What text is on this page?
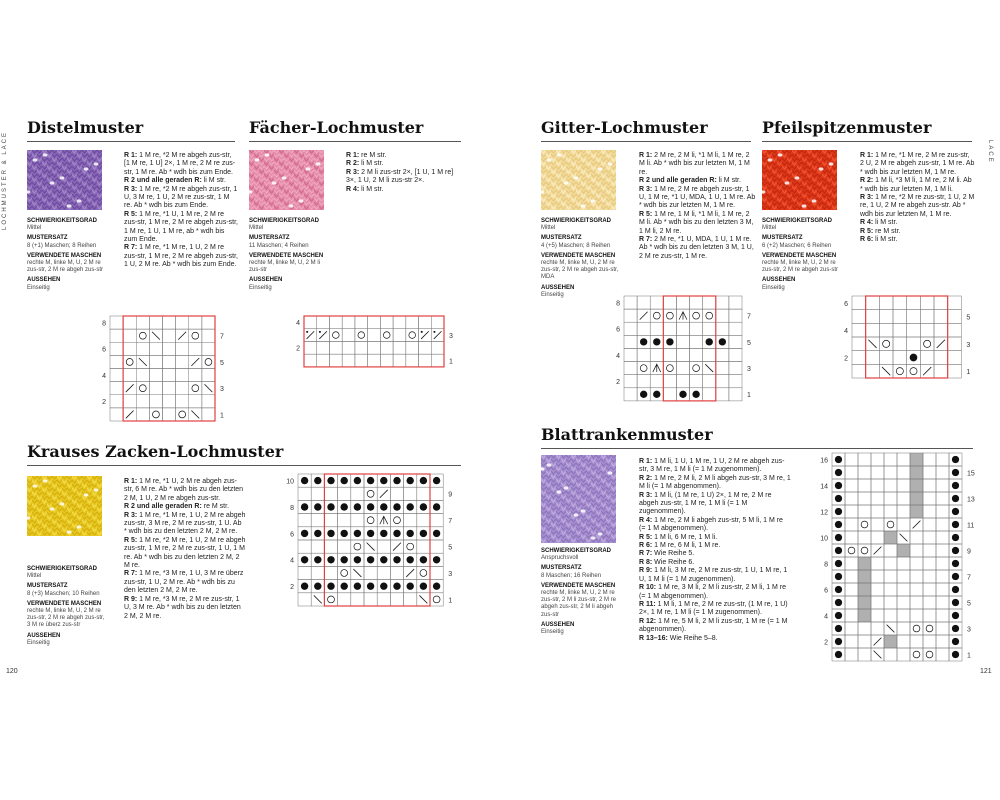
LOCHMUSTER & LACE	LACE
120	121
Distelmuster
SCHWIERIGKEITSGRAD
Mittel
MUSTERSATZ
8 (+1) Maschen; 8 Reihen
VERWENDETE MASCHEN
rechte M, linke M, U, 2 M re zus-str, 2 M re abgeh zus-str
AUSSEHEN
Einseitig

R 1: 1 M re, *2 M re abgeh zus-str, [1 M re, 1 U] 2×, 1 M re, 2 M re zus-str, 1 M re. Ab * wdh bis zum Ende.

R 2 und alle geraden R: li M str.

R 3: 1 M re, *2 M re abgeh zus-str, 1 U, 3 M re, 1 U, 2 M re zus-str, 1 M re. Ab * wdh bis zum Ende.

R 5: 1 M re, *1 U, 1 M re, 2 M re zus-str, 1 M re, 2 M re abgeh zus-str, 1 M re, 1 U, 1 M re, ab * wdh bis zum Ende.

R 7: 1 M re, *1 M re, 1 U, 2 M re zus-str, 1 M re, 2 M re abgeh zus-str, 1 U, 2 M re. Ab * wdh bis zum Ende.

8
6
4
2
7
5
3
1
Fächer-Lochmuster
SCHWIERIGKEITSGRAD
Mittel
MUSTERSATZ
11 Maschen; 4 Reihen
VERWENDETE MASCHEN
rechte M, linke M, U, 2 M li zus-str
AUSSEHEN
Einseitig

R 1: re M str.

R 2: li M str.

R 3: 2 M li zus-str 2×, [1 U, 1 M re] 3×, 1 U, 2 M li zus-str 2×.

R 4: li M str.

4
2
3
1
Gitter-Lochmuster
SCHWIERIGKEITSGRAD
Mittel
MUSTERSATZ
4 (+5) Maschen; 8 Reihen
VERWENDETE MASCHEN
rechte M, linke M, U, 2 M re zus-str, 2 M re abgeh zus-str, MDA
AUSSEHEN
Einseitig

R 1: 2 M re, 2 M li, *1 M li, 1 M re, 2 M li. Ab * wdh bis zur letzten M, 1 M re.

R 2 und alle geraden R: li M str.

R 3: 1 M re, 2 M re abgeh zus-str, 1 U, 1 M re, *1 U, MDA, 1 U, 1 M re. Ab * wdh bis zur letzten M, 1 M re.

R 5: 1 M re, 1 M li, *1 M li, 1 M re, 2 M li. Ab * wdh bis zu den letzten 3 M, 1 M li, 2 M re.

R 7: 2 M re, *1 U, MDA, 1 U, 1 M re. Ab * wdh bis zu den letzten 3 M, 1 U, 2 M re zus-str, 1 M re.

8
6
4
2
7
5
3
1
Pfeilspitzenmuster
SCHWIERIGKEITSGRAD
Mittel
MUSTERSATZ
6 (+2) Maschen; 6 Reihen
VERWENDETE MASCHEN
rechte M, linke M, U, 2 M re zus-str, 2 M re abgeh zus-str
AUSSEHEN
Einseitig

R 1: 1 M re, *1 M re, 2 M re zus-str, 2 U, 2 M re abgeh zus-str, 1 M re. Ab * wdh bis zur letzten M, 1 M re.

R 2: 1 M li, *3 M li, 1 M re, 2 M li. Ab * wdh bis zur letzten M, 1 M li.

R 3: 1 M re, *2 M re zus-str, 1 U, 2 M re, 1 U, 2 M re abgeh zus-str. Ab * wdh bis zur letzten M, 1 M re.

R 4: li M str.

R 5: re M str.

R 6: li M str.

6
4
2
5
3
1
Krauses Zacken-Lochmuster
SCHWIERIGKEITSGRAD
Mittel
MUSTERSATZ
8 (+3) Maschen; 10 Reihen
VERWENDETE MASCHEN
rechte M, linke M, U, 2 M re zus-str, 2 M re abgeh zus-str, 3 M re überz zus-str
AUSSEHEN
Einseitig

R 1: 1 M re, *1 U, 2 M re abgeh zus-str, 6 M re. Ab * wdh bis zu den letzten 2 M, 1 U, 2 M re abgeh zus-str.

R 2 und alle geraden R: re M str.

R 3: 1 M re, *1 M re, 1 U, 2 M re abgeh zus-str, 3 M re, 2 M re zus-str, 1 U. Ab * wdh bis zu den letzten 2 M, 2 M re.

R 5: 1 M re, *2 M re, 1 U, 2 M re abgeh zus-str, 1 M re, 2 M re zus-str, 1 U, 1 M re. Ab * wdh bis zu den letzten 2 M, 2 M re.

R 7: 1 M re, *3 M re, 1 U, 3 M re überz zus-str, 1 U, 2 M re. Ab * wdh bis zu den letzten 2 M, 2 M re.

R 9: 1 M re, *3 M re, 2 M re zus-str, 1 U, 3 M re. Ab * wdh bis zu den letzten 2 M, 2 M re.

10
8
6
4
2
9
7
5
3
1
Blattrankenmuster
SCHWIERIGKEITSGRAD
Anspruchsvoll
MUSTERSATZ
8 Maschen; 16 Reihen
VERWENDETE MASCHEN
rechte M, linke M, U, 2 M re zus-str, 2 M li zus-str, 2 M re abgeh zus-str, 2 M li abgeh zus-str
AUSSEHEN
Einseitig

R 1: 1 M li, 1 U, 1 M re, 1 U, 2 M re abgeh zus-str, 3 M re, 1 M li (= 1 M zugenommen).

R 2: 1 M re, 2 M li, 2 M li abgeh zus-str, 3 M re, 1 M li (= 1 M abgenommen).

R 3: 1 M li, (1 M re, 1 U) 2×, 1 M re, 2 M re abgeh zus-str, 1 M re, 1 M li (= 1 M zugenommen).

R 4: 1 M re, 2 M li abgeh zus-str, 5 M li, 1 M re (= 1 M abgenommen).

R 5: 1 M li, 6 M re, 1 M li.

R 6: 1 M re, 6 M li, 1 M re.

R 7: Wie Reihe 5.

R 8: Wie Reihe 6.

R 9: 1 M li, 3 M re, 2 M re zus-str, 1 U, 1 M re, 1 U, 1 M li (= 1 M zugenommen).

R 10: 1 M re, 3 M li, 2 M li zus-str, 2 M li, 1 M re (= 1 M abgenommen).

R 11: 1 M li, 1 M re, 2 M re zus-str, (1 M re, 1 U) 2×, 1 M re, 1 M li (= 1 M zugenommen).

R 12: 1 M re, 5 M li, 2 M li zus-str, 1 M re (= 1 M abgenommen).

R 13–16: Wie Reihe 5–8.

16
14
12
10
8
6
4
2
15
13
11
9
7
5
3
1
